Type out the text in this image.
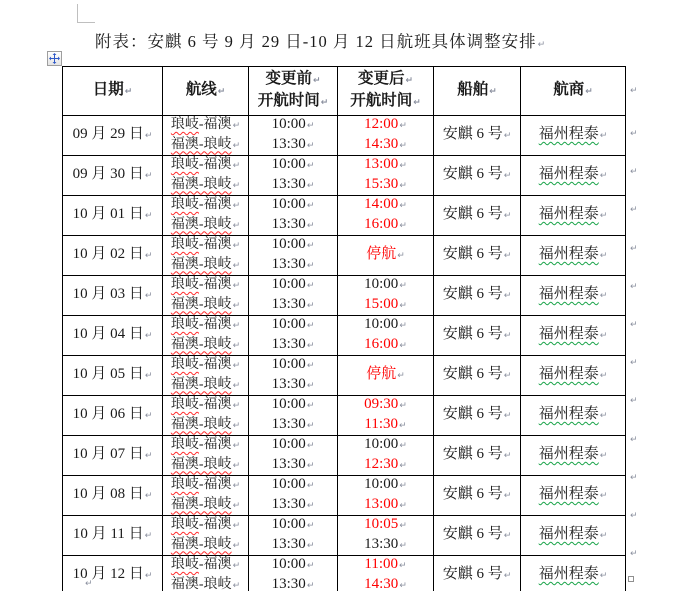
附表：安麒 6 号 9 月 29 日-10 月 12 日航班具体调整安排↵
日期↵	航线↵	变更前↵
开航时间↵	变更后↵
开航时间↵	船舶↵	航商↵

09 月 29 日↵	琅岐-福澳↵
福澳-琅岐↵	10:00↵
13:30↵	12:00↵
14:30↵	安麒 6 号↵	福州程泰↵

09 月 30 日↵	琅岐-福澳↵
福澳-琅岐↵	10:00↵
13:30↵	13:00↵
15:30↵	安麒 6 号↵	福州程泰↵

10 月 01 日↵	琅岐-福澳↵
福澳-琅岐↵	10:00↵
13:30↵	14:00↵
16:00↵	安麒 6 号↵	福州程泰↵

10 月 02 日↵	琅岐-福澳↵
福澳-琅岐↵	10:00↵
13:30↵	停航↵	安麒 6 号↵	福州程泰↵

10 月 03 日↵	琅岐-福澳↵
福澳-琅岐↵	10:00↵
13:30↵	10:00↵
15:00↵	安麒 6 号↵	福州程泰↵

10 月 04 日↵	琅岐-福澳↵
福澳-琅岐↵	10:00↵
13:30↵	10:00↵
16:00↵	安麒 6 号↵	福州程泰↵

10 月 05 日↵	琅岐-福澳↵
福澳-琅岐↵	10:00↵
13:30↵	停航↵	安麒 6 号↵	福州程泰↵

10 月 06 日↵	琅岐-福澳↵
福澳-琅岐↵	10:00↵
13:30↵	09:30↵
11:30↵	安麒 6 号↵	福州程泰↵

10 月 07 日↵	琅岐-福澳↵
福澳-琅岐↵	10:00↵
13:30↵	10:00↵
12:30↵	安麒 6 号↵	福州程泰↵

10 月 08 日↵	琅岐-福澳↵
福澳-琅岐↵	10:00↵
13:30↵	10:00↵
13:00↵	安麒 6 号↵	福州程泰↵

10 月 11 日↵	琅岐-福澳↵
福澳-琅岐↵	10:00↵
13:30↵	10:05↵
13:30↵	安麒 6 号↵	福州程泰↵

10 月 12 日↵	琅岐-福澳↵
福澳-琅岐↵	10:00↵
13:30↵	11:00↵
14:30↵	安麒 6 号↵	福州程泰↵
↵
↵
↵
↵
↵
↵
↵
↵
↵
↵
↵
↵
↵
↵
